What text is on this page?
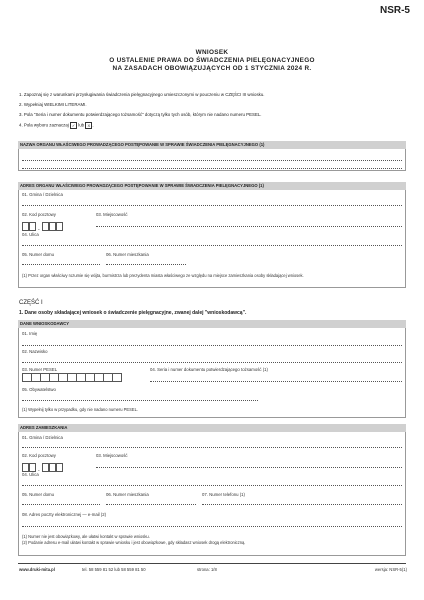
NSR-5
WNIOSEK
O USTALENIE PRAWA DO ŚWIADCZENIA PIELĘGNACYJNEGO
NA ZASADACH OBOWIĄZUJĄCYCH OD 1 STYCZNIA 2024 R.
1. Zapoznaj się z warunkami przysługiwania świadczenia pielęgnacyjnego umieszczonymi w pouczeniu w CZĘŚCI III wniosku.
2. Wypełniaj WIELKIMI LITERAMI.
3. Pola "Seria i numer dokumentu potwierdzającego tożsamość" dotyczą tylko tych osób, którym nie nadano numeru PESEL.
4. Pola wyboru zaznaczaj ✓ lub X .
NAZWA ORGANU WŁAŚCIWEGO PROWADZĄCEGO POSTĘPOWANIE W SPRAWIE ŚWIADCZENIA PIELĘGNACYJNEGO (1)
ADRES ORGANU WŁAŚCIWEGO PROWADZĄCEGO POSTĘPOWANIE W SPRAWIE ŚWIADCZENIA PIELĘGNACYJNEGO (1)
01. Gmina / Dzielnica
02. Kod pocztowy
-
03. Miejscowość
04. Ulica
05. Numer domu	06. Numer mieszkania
(1) Przez organ właściwy rozumie się wójta, burmistrza lub prezydenta miasta właściwego ze względu na miejsce zamieszkania osoby składającej wniosek.
CZĘŚĆ I
1. Dane osoby składającej wniosek o świadczenie pielęgnacyjne, zwanej dalej "wnioskodawcą".
DANE WNIOSKODAWCY
01. Imię
02. Nazwisko
03. Numer PESEL	04. Seria i numer dokumentu potwierdzającego tożsamość (1)
05. Obywatelstwo
(1) Wypełnij tylko w przypadku, gdy nie nadano numeru PESEL.
ADRES ZAMIESZKANIA
01. Gmina / Dzielnica
02. Kod pocztowy
-
03. Miejscowość
04. Ulica
05. Numer domu	06. Numer mieszkania	07. Numer telefonu (1)
08. Adres poczty elektronicznej — e-mail (2)
(1) Numer nie jest obowiązkowy, ale ułatwi kontakt w sprawie wniosku.
(2) Podanie adresu e-mail ułatwi kontakt w sprawie wniosku i jest obowiązkowe, gdy składasz wniosek drogą elektroniczną.
www.druki-mita.pl	tel. 58 559 81 52 lub 58 559 81 50	strona: 1/8	wersja: NSR-5(1)
